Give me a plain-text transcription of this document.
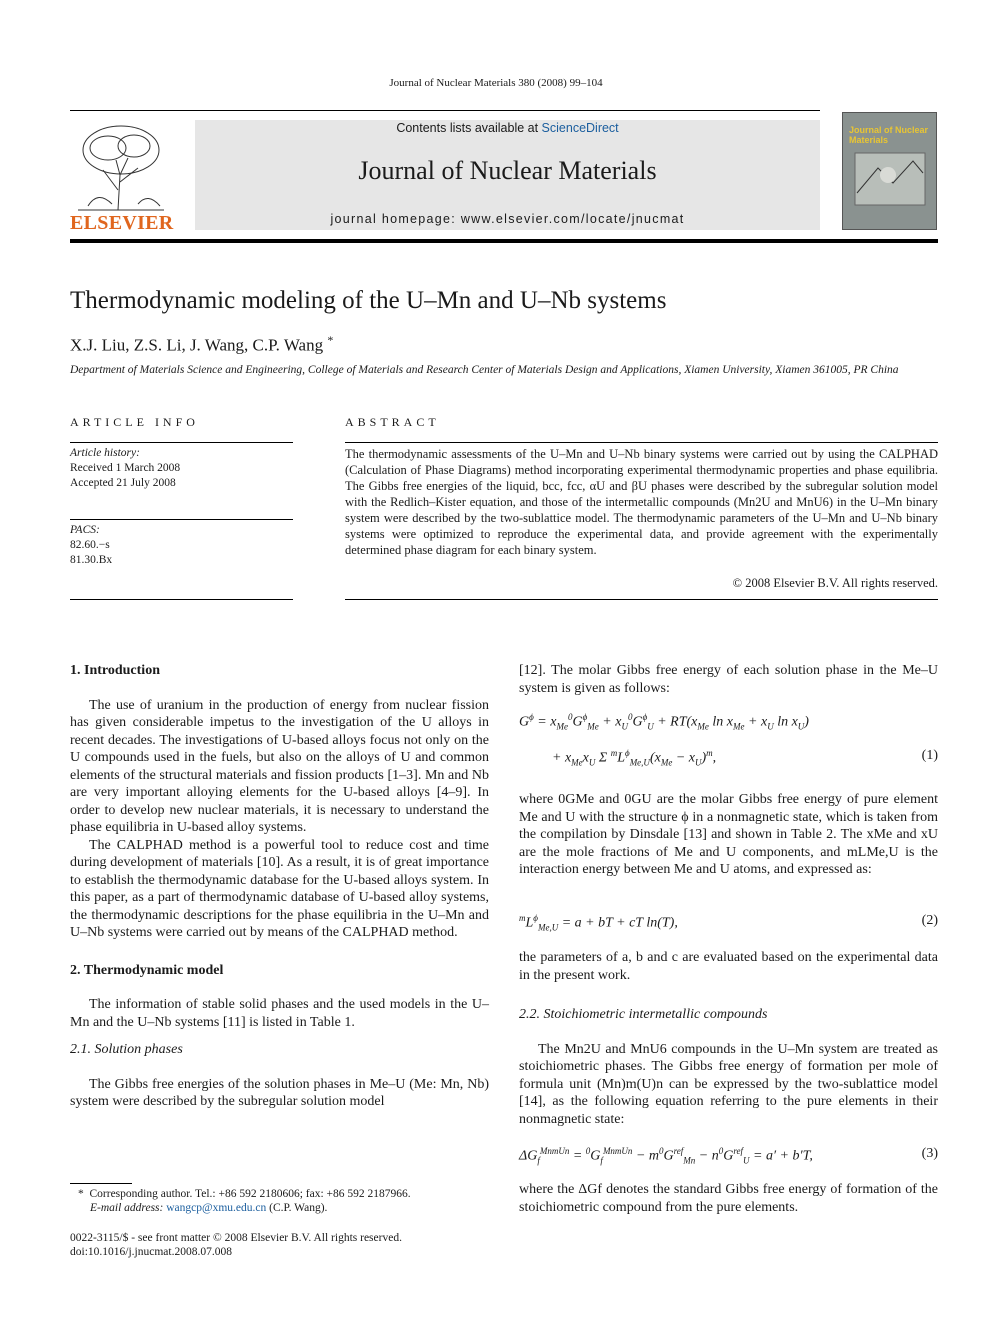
Journal of Nuclear Materials 380 (2008) 99–104
ELSEVIER
Contents lists available at ScienceDirect
Journal of Nuclear Materials
journal homepage: www.elsevier.com/locate/jnucmat
Journal of Nuclear Materials
Thermodynamic modeling of the U–Mn and U–Nb systems
X.J. Liu, Z.S. Li, J. Wang, C.P. Wang *
Department of Materials Science and Engineering, College of Materials and Research Center of Materials Design and Applications, Xiamen University, Xiamen 361005, PR China
ARTICLE INFO
Article history:
Received 1 March 2008
Accepted 21 July 2008
PACS:
82.60.−s
81.30.Bx
ABSTRACT
The thermodynamic assessments of the U–Mn and U–Nb binary systems were carried out by using the CALPHAD (Calculation of Phase Diagrams) method incorporating experimental thermodynamic properties and phase equilibria. The Gibbs free energies of the liquid, bcc, fcc, αU and βU phases were described by the subregular solution model with the Redlich–Kister equation, and those of the intermetallic compounds (Mn2U and MnU6) in the U–Mn binary system were described by the two-sublattice model. The thermodynamic parameters of the U–Mn and U–Nb binary systems were optimized to reproduce the experimental data, and provide agreement with the experimentally determined phase diagram for each binary system.
© 2008 Elsevier B.V. All rights reserved.
1. Introduction

The use of uranium in the production of energy from nuclear fission has given considerable impetus to the investigation of the U alloys in recent decades. The investigations of U-based alloys focus not only on the U compounds used in the fuels, but also on the alloys of U and common elements of the structural materials and fission products [1–3]. Mn and Nb are very important alloying elements for the U-based alloys [4–9]. In order to develop new nuclear materials, it is necessary to understand the phase equilibria in U-based alloy systems.

The CALPHAD method is a powerful tool to reduce cost and time during development of materials [10]. As a result, it is of great importance to establish the thermodynamic database for the U-based alloys system. In this paper, as a part of thermodynamic database of U-based alloy systems, the thermodynamic descriptions for the phase equilibria in the U–Mn and U–Nb systems were carried out by means of the CALPHAD method.

2. Thermodynamic model

The information of stable solid phases and the used models in the U–Mn and the U–Nb systems [11] is listed in Table 1.

2.1. Solution phases

The Gibbs free energies of the solution phases in Me–U (Me: Mn, Nb) system were described by the subregular solution model

*  Corresponding author. Tel.: +86 592 2180606; fax: +86 592 2187966.
E-mail address: wangcp@xmu.edu.cn (C.P. Wang).
0022-3115/$ - see front matter © 2008 Elsevier B.V. All rights reserved.
doi:10.1016/j.jnucmat.2008.07.008

[12]. The molar Gibbs free energy of each solution phase in the Me–U system is given as follows:

$G^\phi = x_{Me}^0G^\phi_{Me} + x_U^0G^\phi_U + RT(x_{Me}$ $\ln x_{Me} + x_U$ $\ln x_U$)
+ $x_{Me}x_U$ Σ $^mL^\phi_{Me,U}(x_{Me} - x_U)^m$,	(1)

where 0GMe and 0GU are the molar Gibbs free energy of pure element Me and U with the structure ϕ in a nonmagnetic state, which is taken from the compilation by Dinsdale [13] and shown in Table 2. The xMe and xU are the mole fractions of Me and U components, and mLMe,U is the interaction energy between Me and U atoms, and expressed as:

$^mL^\phi_{Me,U} = a$ + bT + cT ln(T),	(2)

the parameters of a, b and c are evaluated based on the experimental data in the present work.

2.2. Stoichiometric intermetallic compounds

The Mn2U and MnU6 compounds in the U–Mn system are treated as stoichiometric phases. The Gibbs free energy of formation per mole of formula unit (Mn)m(U)n can be expressed by the two-sublattice model [14], as the following equation referring to the pure elements in their nonmagnetic state:

$\Delta G_f^{MnmUn} = ^0G_f^{MnmUn} - m^0G^{ref}_{Mn} - n^0G^{ref}_U = a' + b'T$,	(3)

where the ΔGf denotes the standard Gibbs free energy of formation of the stoichiometric compound from the pure elements.
